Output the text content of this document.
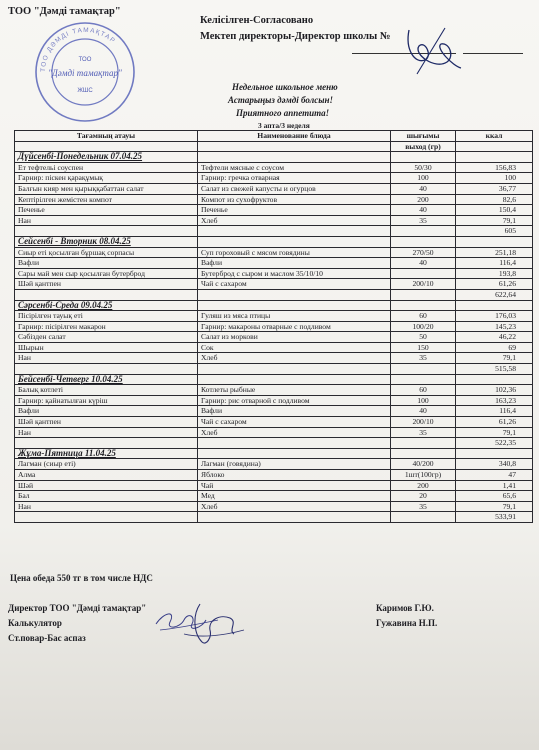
ТОО "Дәмді тамақтар"
Келісілген-Согласовано
Мектеп директоры-Директор школы №
ТОО ДӘМДІ ТАМАҚТАР
ТОО
"Дәмді тамақтар"
ЖШС	Недельное школьное меню
Астарыңыз дәмді болсын!
Приятного аппетита!
3 апта/3 неделя
Тағамның атауы	Наименование блюда	шығымы	ккал
		выход (гр)	
Дүйсенбі-Понедельник 07.04.25			
Ет тефтельі соуспен	Тефтели мясные с соусом	50/30	156,83
Гарнир: піскен қарақұмық	Гарнир: гречка отварная	100	100
Балғын кияр мен қырыққабаттан салат	Салат из свежей капусты и огурцов	40	36,77
Кептірілген жемістен компот	Компот из сухофруктов	200	82,6
Печенье	Печенье	40	150,4
Нан	Хлеб	35	79,1
			605
Сейсенбі - Вторник 08.04.25			
Сиыр еті қосылған бұршақ сорпасы	Суп гороховый с мясом говядины	270/50	251,18
Вафли	Вафли	40	116,4
Сары май мен сыр қосылған бутерброд	Бутерброд с сыром и маслом 35/10/10		193,8
Шәй қантпен	Чай с сахаром	200/10	61,26
			622,64
Сәрсенбі-Среда 09.04.25			
Пісірілген тауық еті	Гуляш из мяса птицы	60	176,03
Гарнир: пісірілген макарон	Гарнир: макароны отварные с подливом	100/20	145,23
Сәбізден салат	Салат из моркови	50	46,22
Шырын	Сок	150	69
Нан	Хлеб	35	79,1
			515,58
Бейсенбі-Четверг 10.04.25			
Балық котлеті	Котлеты рыбные	60	102,36
Гарнир: қайнатылған күріш	Гарнир: рис отварной с подливом	100	163,23
Вафли	Вафли	40	116,4
Шәй қантпен	Чай с сахаром	200/10	61,26
Нан	Хлеб	35	79,1
			522,35
Жұма-Пятница 11.04.25			
Лагман (сиыр еті)	Лагман (говядина)	40/200	340,8
Алма	Яблоко	1шт(100гр)	47
Шәй	Чай	200	1,41
Бал	Мед	20	65,6
Нан	Хлеб	35	79,1
			533,91
Цена обеда 550 тг в том числе НДС
Директор ТОО "Дәмді тамақтар"	Каримов Г.Ю.
Калькулятор	Гужавина Н.П.
Ст.повар-Бас аспаз
